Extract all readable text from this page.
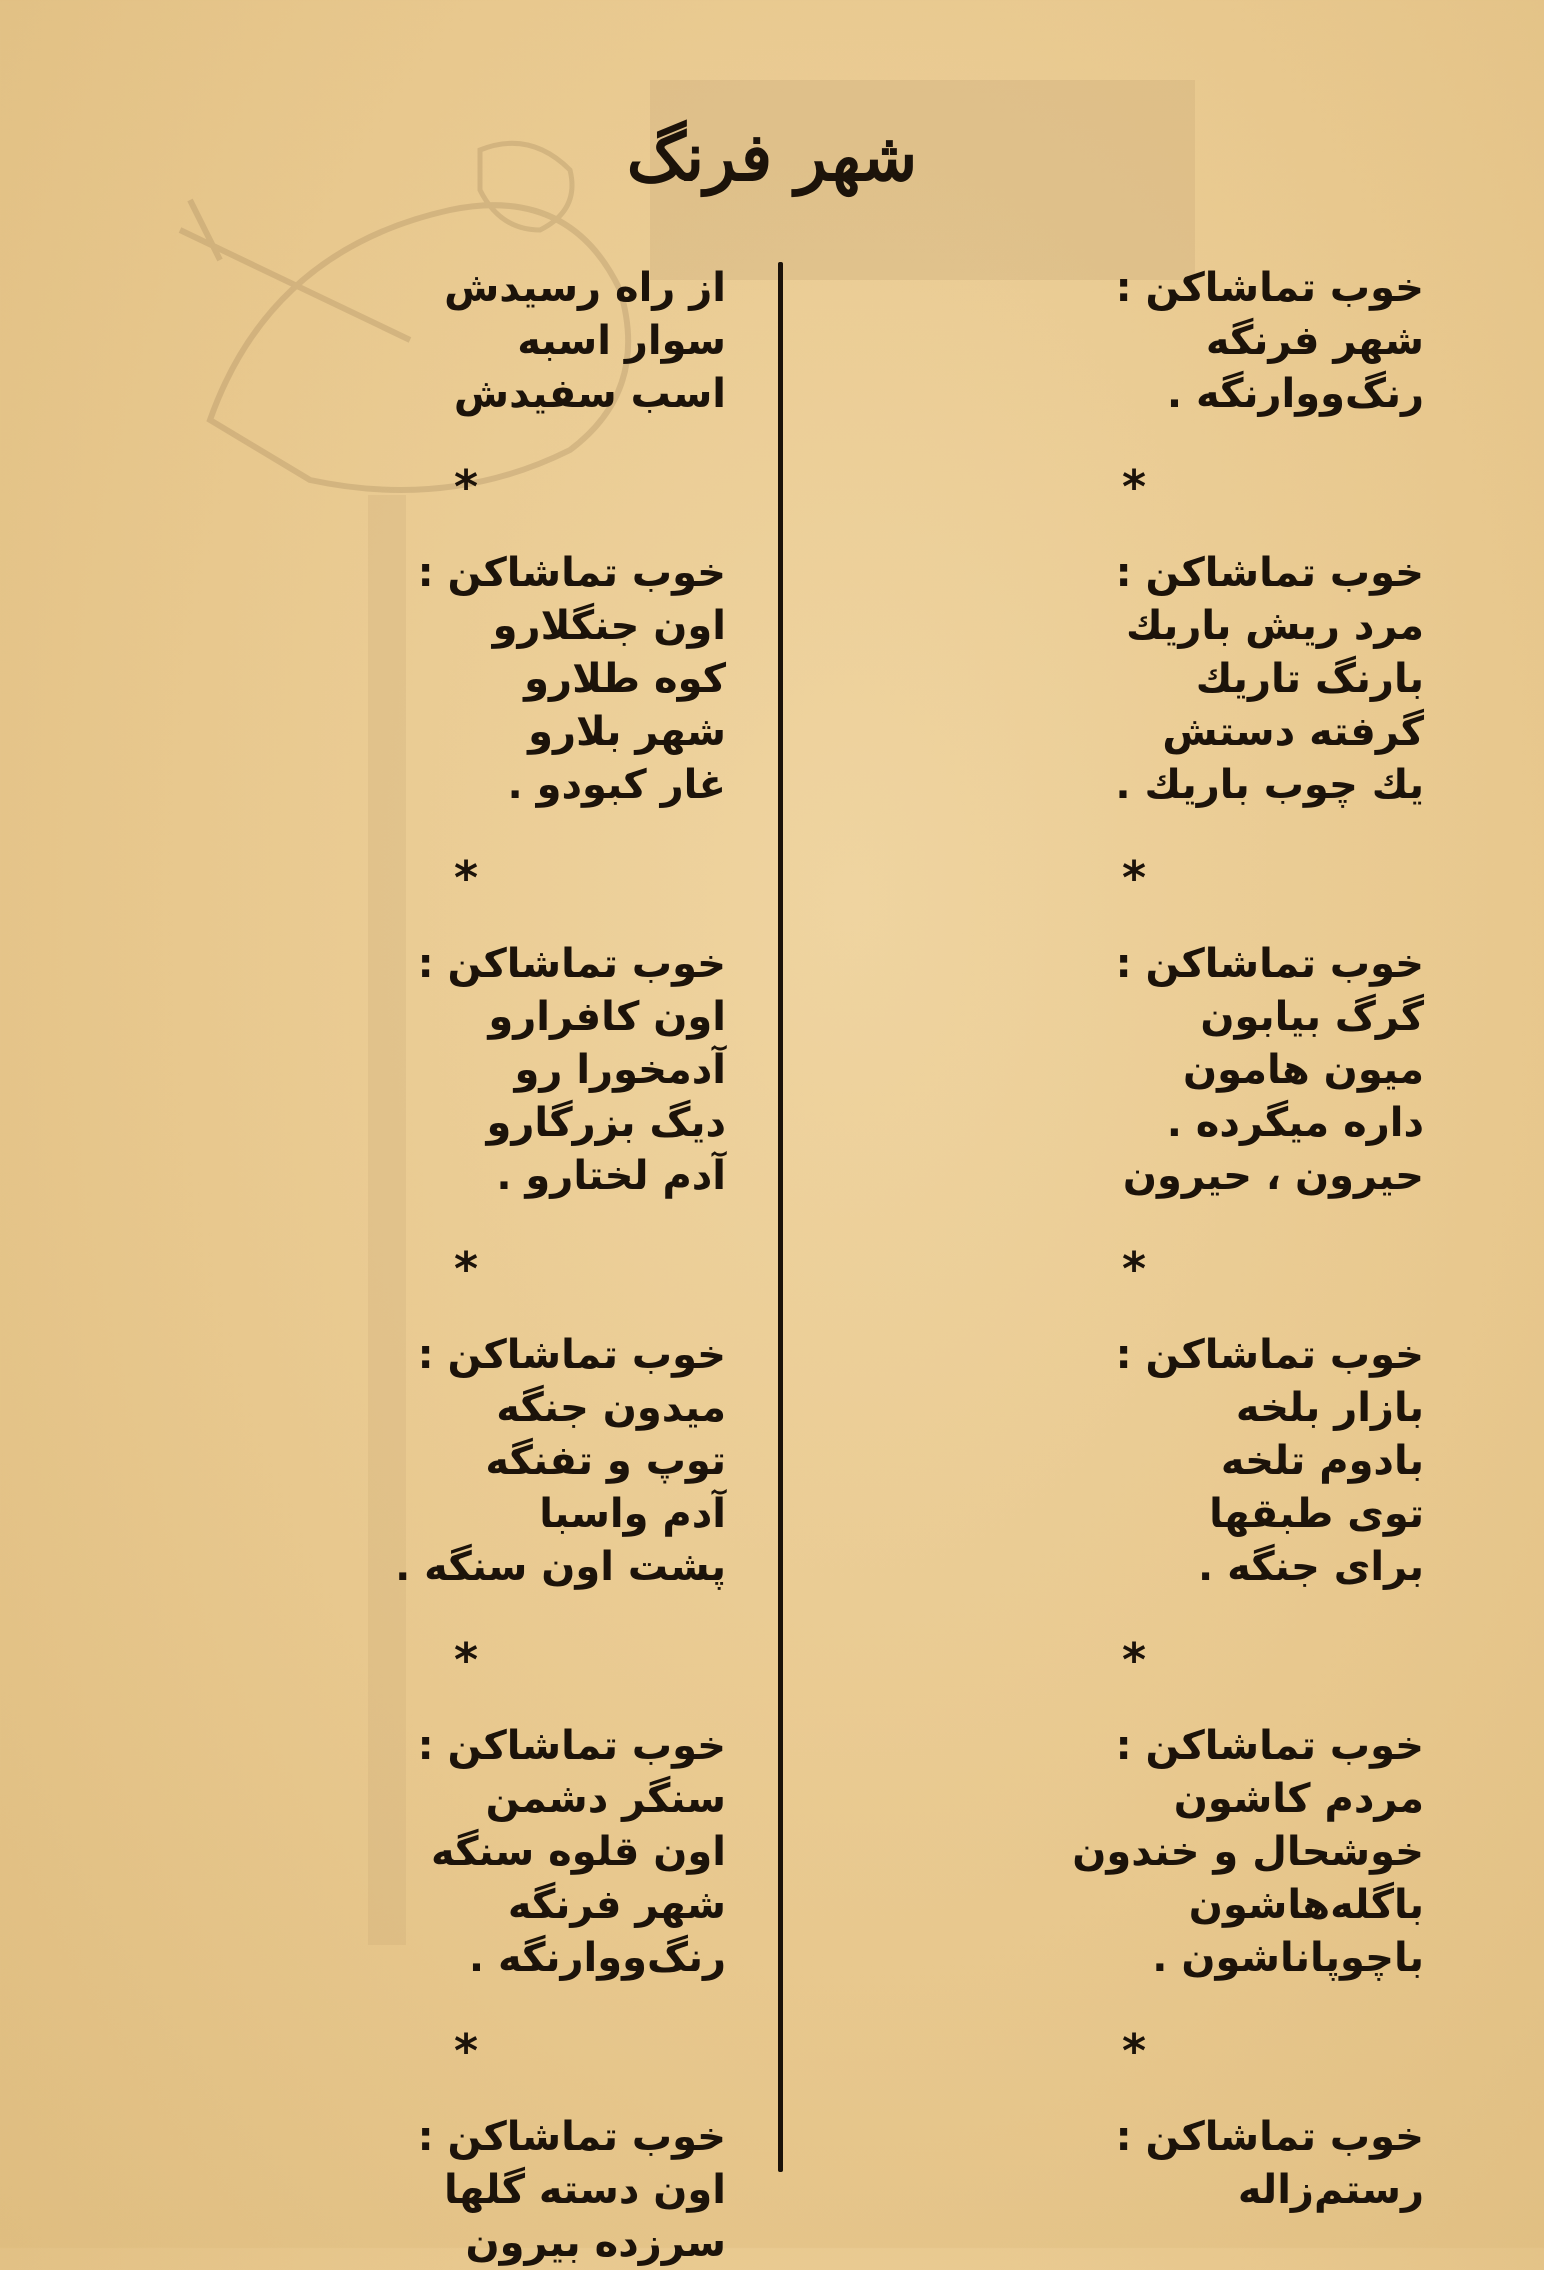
شهر فرنگ
خوب تماشاکن :
شهر فرنگه
رنگ‌و‌وارنگه .
*
خوب تماشاکن :
مرد ریش باریك
بارنگ تاریك
گرفته دستش
یك چوب باریك .
*
خوب تماشاکن :
گرگ بیابون
میون هامون
داره میگرده .
حیرون ، حیرون
*
خوب تماشاکن :
بازار بلخه
بادوم تلخه
توی طبقها
برای جنگه .
*
خوب تماشاکن :
مردم کاشون
خوشحال و خندون
باگله‌هاشون
باچوپاناشون .
*
خوب تماشاکن :
رستم‌زاله
از راه رسیدش
سوار اسبه
اسب سفیدش
*
خوب تماشاکن :
اون جنگلارو
کوه طلارو
شهر بلارو
غار کبودو .
*
خوب تماشاکن :
اون کافرارو
آدمخورا رو
دیگ بزرگارو
آدم لختارو .
*
خوب تماشاکن :
میدون جنگه
توپ و تفنگه
آدم واسبا
پشت اون سنگه .
*
خوب تماشاکن :
سنگر دشمن
اون قلوه سنگه
شهر فرنگه
رنگ‌و‌وارنگه .
*
خوب تماشاکن :
اون دسته گلها
سرزده بیرون
